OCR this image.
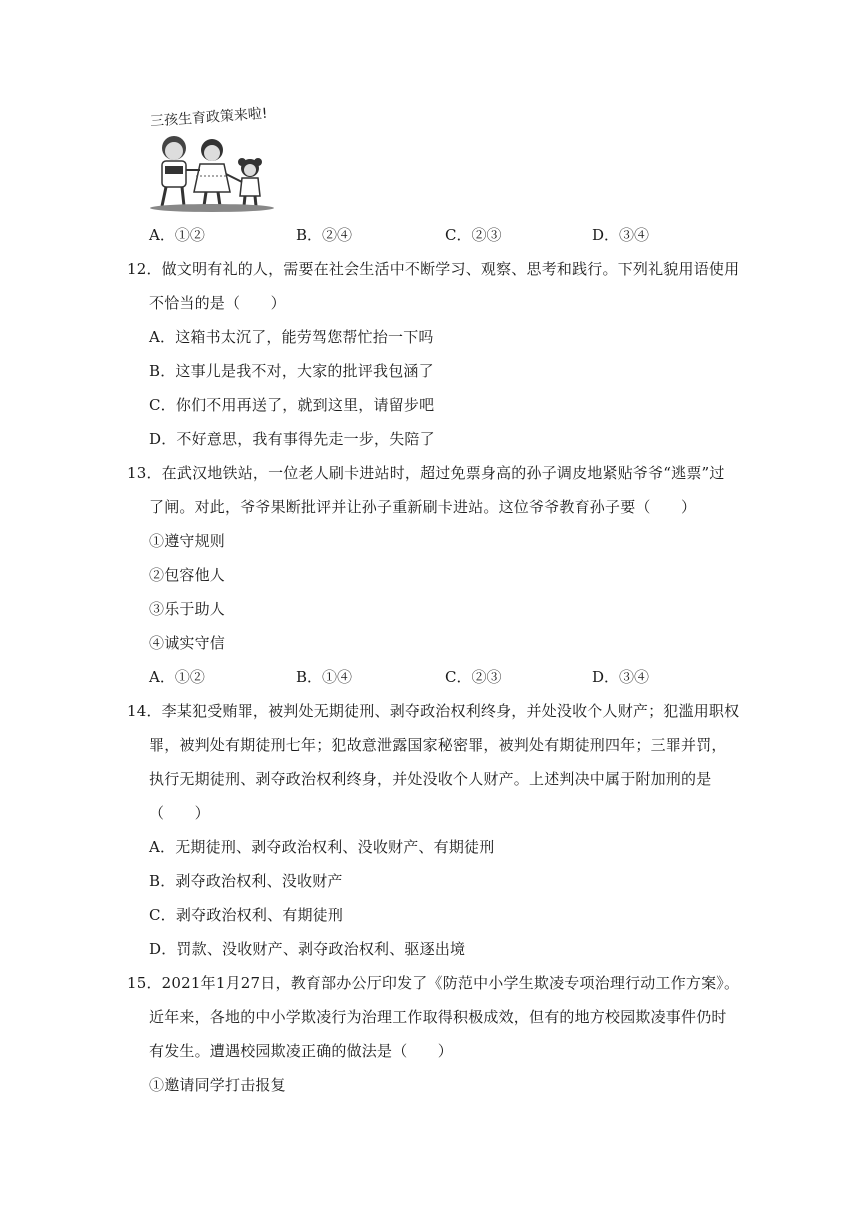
三孩生育政策来啦!
A．①②	B．②④	C．②③	D．③④
12．做文明有礼的人，需要在社会生活中不断学习、观察、思考和践行。下列礼貌用语使用
不恰当的是（　　）
A．这箱书太沉了，能劳驾您帮忙抬一下吗
B．这事儿是我不对，大家的批评我包涵了
C．你们不用再送了，就到这里，请留步吧
D．不好意思，我有事得先走一步，失陪了
13．在武汉地铁站，一位老人刷卡进站时，超过免票身高的孙子调皮地紧贴爷爷“逃票”过
了闸。对此，爷爷果断批评并让孙子重新刷卡进站。这位爷爷教育孙子要（　　）
①遵守规则
②包容他人
③乐于助人
④诚实守信
A．①②	B．①④	C．②③	D．③④
14．李某犯受贿罪，被判处无期徒刑、剥夺政治权利终身，并处没收个人财产；犯滥用职权
罪，被判处有期徒刑七年；犯故意泄露国家秘密罪，被判处有期徒刑四年；三罪并罚，
执行无期徒刑、剥夺政治权利终身，并处没收个人财产。上述判决中属于附加刑的是
（　　）
A．无期徒刑、剥夺政治权利、没收财产、有期徒刑
B．剥夺政治权利、没收财产
C．剥夺政治权利、有期徒刑
D．罚款、没收财产、剥夺政治权利、驱逐出境
15．2021年1月27日，教育部办公厅印发了《防范中小学生欺凌专项治理行动工作方案》。
近年来，各地的中小学欺凌行为治理工作取得积极成效，但有的地方校园欺凌事件仍时
有发生。遭遇校园欺凌正确的做法是（　　）
①邀请同学打击报复
